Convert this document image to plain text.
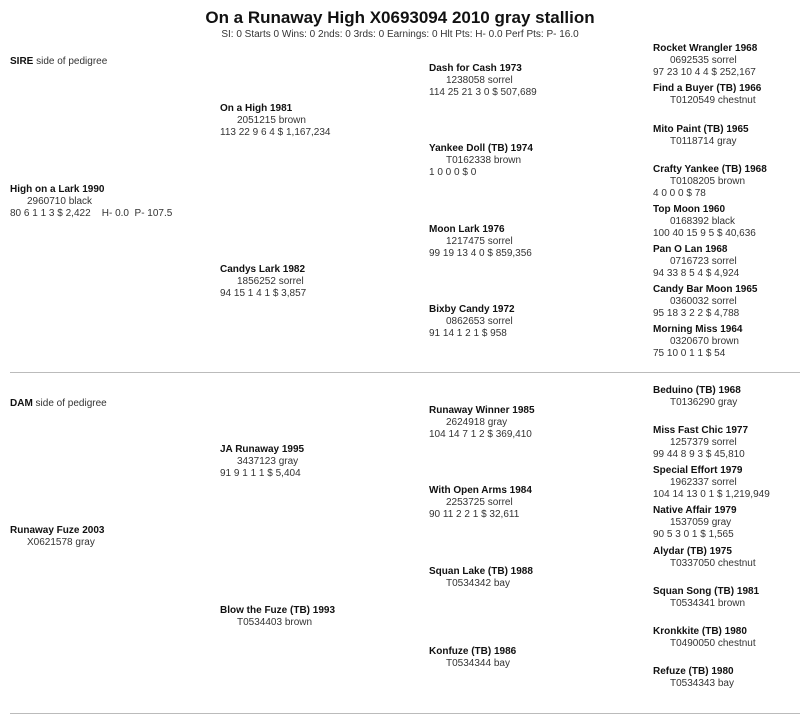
On a Runaway High X0693094 2010 gray stallion
SI: 0 Starts 0 Wins: 0 2nds: 0 3rds: 0 Earnings: 0 Hlt Pts: H- 0.0 Perf Pts: P- 16.0
SIRE side of pedigree
DAM side of pedigree
High on a Lark 1990
2960710 black
80 6 1 1 3 $ 2,422    H- 0.0  P- 107.5
On a High 1981
2051215 brown
113 22 9 6 4 $ 1,167,234
Candys Lark 1982
1856252 sorrel
94 15 1 4 1 $ 3,857
Dash for Cash 1973
1238058 sorrel
114 25 21 3 0 $ 507,689
Yankee Doll (TB) 1974
T0162338 brown
1 0 0 0 $ 0
Moon Lark 1976
1217475 sorrel
99 19 13 4 0 $ 859,356
Bixby Candy 1972
0862653 sorrel
91 14 1 2 1 $ 958
Rocket Wrangler 1968
0692535 sorrel
97 23 10 4 4 $ 252,167
Find a Buyer (TB) 1966
T0120549 chestnut
Mito Paint (TB) 1965
T0118714 gray
Crafty Yankee (TB) 1968
T0108205 brown
4 0 0 0 $ 78
Top Moon 1960
0168392 black
100 40 15 9 5 $ 40,636
Pan O Lan 1968
0716723 sorrel
94 33 8 5 4 $ 4,924
Candy Bar Moon 1965
0360032 sorrel
95 18 3 2 2 $ 4,788
Morning Miss 1964
0320670 brown
75 10 0 1 1 $ 54
Runaway Fuze 2003
X0621578 gray
JA Runaway 1995
3437123 gray
91 9 1 1 1 $ 5,404
Blow the Fuze (TB) 1993
T0534403 brown
Runaway Winner 1985
2624918 gray
104 14 7 1 2 $ 369,410
With Open Arms 1984
2253725 sorrel
90 11 2 2 1 $ 32,611
Squan Lake (TB) 1988
T0534342 bay
Konfuze (TB) 1986
T0534344 bay
Beduino (TB) 1968
T0136290 gray
Miss Fast Chic 1977
1257379 sorrel
99 44 8 9 3 $ 45,810
Special Effort 1979
1962337 sorrel
104 14 13 0 1 $ 1,219,949
Native Affair 1979
1537059 gray
90 5 3 0 1 $ 1,565
Alydar (TB) 1975
T0337050 chestnut
Squan Song (TB) 1981
T0534341 brown
Kronkkite (TB) 1980
T0490050 chestnut
Refuze (TB) 1980
T0534343 bay
